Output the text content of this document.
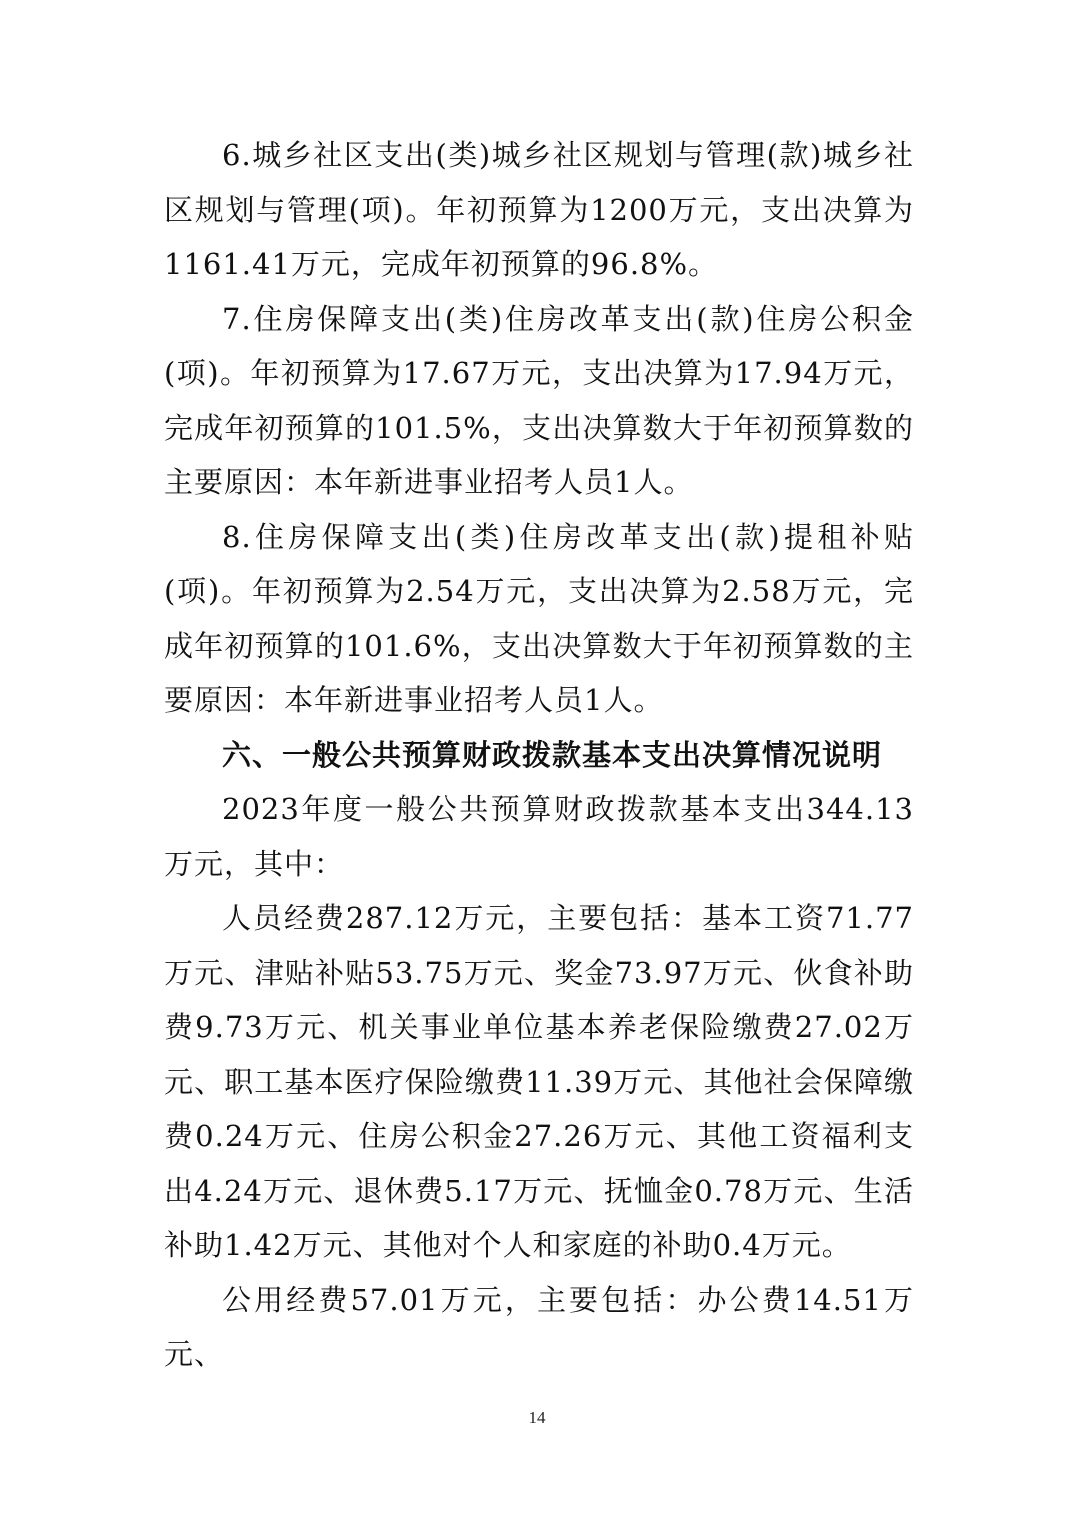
6.城乡社区支出(类)城乡社区规划与管理(款)城乡社区规划与管理(项)。年初预算为1200万元，支出决算为1161.41万元，完成年初预算的96.8%。

7.住房保障支出(类)住房改革支出(款)住房公积金(项)。年初预算为17.67万元，支出决算为17.94万元，完成年初预算的101.5%，支出决算数大于年初预算数的主要原因：本年新进事业招考人员1人。

8.住房保障支出(类)住房改革支出(款)提租补贴(项)。年初预算为2.54万元，支出决算为2.58万元，完成年初预算的101.6%，支出决算数大于年初预算数的主要原因：本年新进事业招考人员1人。

六、一般公共预算财政拨款基本支出决算情况说明

2023年度一般公共预算财政拨款基本支出344.13万元，其中：

人员经费287.12万元，主要包括：基本工资71.77万元、津贴补贴53.75万元、奖金73.97万元、伙食补助费9.73万元、机关事业单位基本养老保险缴费27.02万元、职工基本医疗保险缴费11.39万元、其他社会保障缴费0.24万元、住房公积金27.26万元、其他工资福利支出4.24万元、退休费5.17万元、抚恤金0.78万元、生活补助1.42万元、其他对个人和家庭的补助0.4万元。

公用经费57.01万元，主要包括：办公费14.51万元、

14
